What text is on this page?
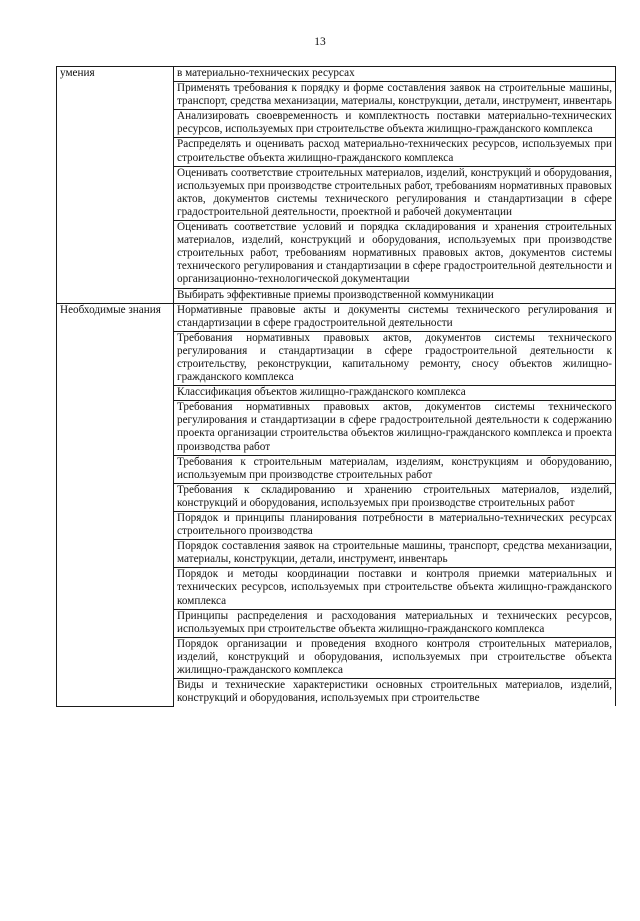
13
умения	в материально-технических ресурсах

	Применять требования к порядку и форме составления заявок на строительные машины, транспорт, средства механизации, материалы, конструкции, детали, инструмент, инвентарь

	Анализировать своевременность и комплектность поставки материально-технических ресурсов, используемых при строительстве объекта жилищно-гражданского комплекса

	Распределять и оценивать расход материально-технических ресурсов, используемых при строительстве объекта жилищно-гражданского комплекса

	Оценивать соответствие строительных материалов, изделий, конструкций и оборудования, используемых при производстве строительных работ, требованиям нормативных правовых актов, документов системы технического регулирования и стандартизации в сфере градостроительной деятельности, проектной и рабочей документации

	Оценивать соответствие условий и порядка складирования и хранения строительных материалов, изделий, конструкций и оборудования, используемых при производстве строительных работ, требованиям нормативных правовых актов, документов системы технического регулирования и стандартизации в сфере градостроительной деятельности и организационно-технологической документации

	Выбирать эффективные приемы производственной коммуникации

Необходимые знания	Нормативные правовые акты и документы системы технического регулирования и стандартизации в сфере градостроительной деятельности

	Требования нормативных правовых актов, документов системы технического регулирования и стандартизации в сфере градостроительной деятельности к строительству, реконструкции, капитальному ремонту, сносу объектов жилищно-гражданского комплекса

	Классификация объектов жилищно-гражданского комплекса

	Требования нормативных правовых актов, документов системы технического регулирования и стандартизации в сфере градостроительной деятельности к содержанию проекта организации строительства объектов жилищно-гражданского комплекса и проекта производства работ

	Требования к строительным материалам, изделиям, конструкциям и оборудованию, используемым при производстве строительных работ

	Требования к складированию и хранению строительных материалов, изделий, конструкций и оборудования, используемых при производстве строительных работ

	Порядок и принципы планирования потребности в материально-технических ресурсах строительного производства

	Порядок составления заявок на строительные машины, транспорт, средства механизации, материалы, конструкции, детали, инструмент, инвентарь

	Порядок и методы координации поставки и контроля приемки материальных и технических ресурсов, используемых при строительстве объекта жилищно-гражданского комплекса

	Принципы распределения и расходования материальных и технических ресурсов, используемых при строительстве объекта жилищно-гражданского комплекса

	Порядок организации и проведения входного контроля строительных материалов, изделий, конструкций и оборудования, используемых при строительстве объекта жилищно-гражданского комплекса

	Виды и технические характеристики основных строительных материалов, изделий, конструкций и оборудования, используемых при строительстве
